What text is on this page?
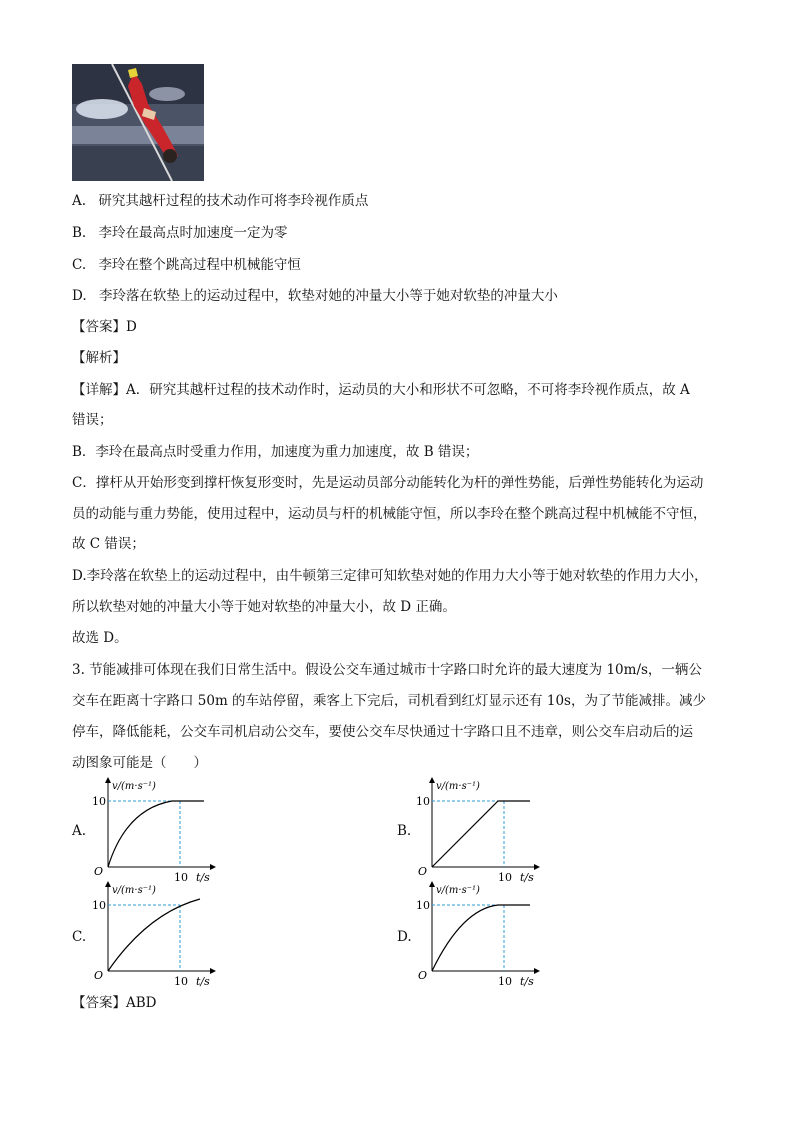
A. 研究其越杆过程的技术动作可将李玲视作质点
B. 李玲在最高点时加速度一定为零
C. 李玲在整个跳高过程中机械能守恒
D. 李玲落在软垫上的运动过程中，软垫对她的冲量大小等于她对软垫的冲量大小
【答案】D
【解析】
【详解】A．研究其越杆过程的技术动作时，运动员的大小和形状不可忽略，不可将李玲视作质点，故 A
错误；
B．李玲在最高点时受重力作用，加速度为重力加速度，故 B 错误；
C．撑杆从开始形变到撑杆恢复形变时，先是运动员部分动能转化为杆的弹性势能，后弹性势能转化为运动
员的动能与重力势能，使用过程中，运动员与杆的机械能守恒，所以李玲在整个跳高过程中机械能不守恒，
故 C 错误；
D.李玲落在软垫上的运动过程中，由牛顿第三定律可知软垫对她的作用力大小等于她对软垫的作用力大小，
所以软垫对她的冲量大小等于她对软垫的冲量大小，故 D 正确。
故选 D。
3. 节能减排可体现在我们日常生活中。假设公交车通过城市十字路口时允许的最大速度为 10m/s，一辆公
交车在距离十字路口 50m 的车站停留，乘客上下完后，司机看到红灯显示还有 10s，为了节能减排。减少
停车，降低能耗，公交车司机启动公交车，要使公交车尽快通过十字路口且不违章，则公交车启动后的运
动图象可能是（　　）
A.
v/(m·s⁻¹)
10
O	10 t/s
B.
v/(m·s⁻¹)
10
O	10 t/s
C.
v/(m·s⁻¹)
10
O	10 t/s
D.
v/(m·s⁻¹)
10
O	10 t/s
【答案】ABD
